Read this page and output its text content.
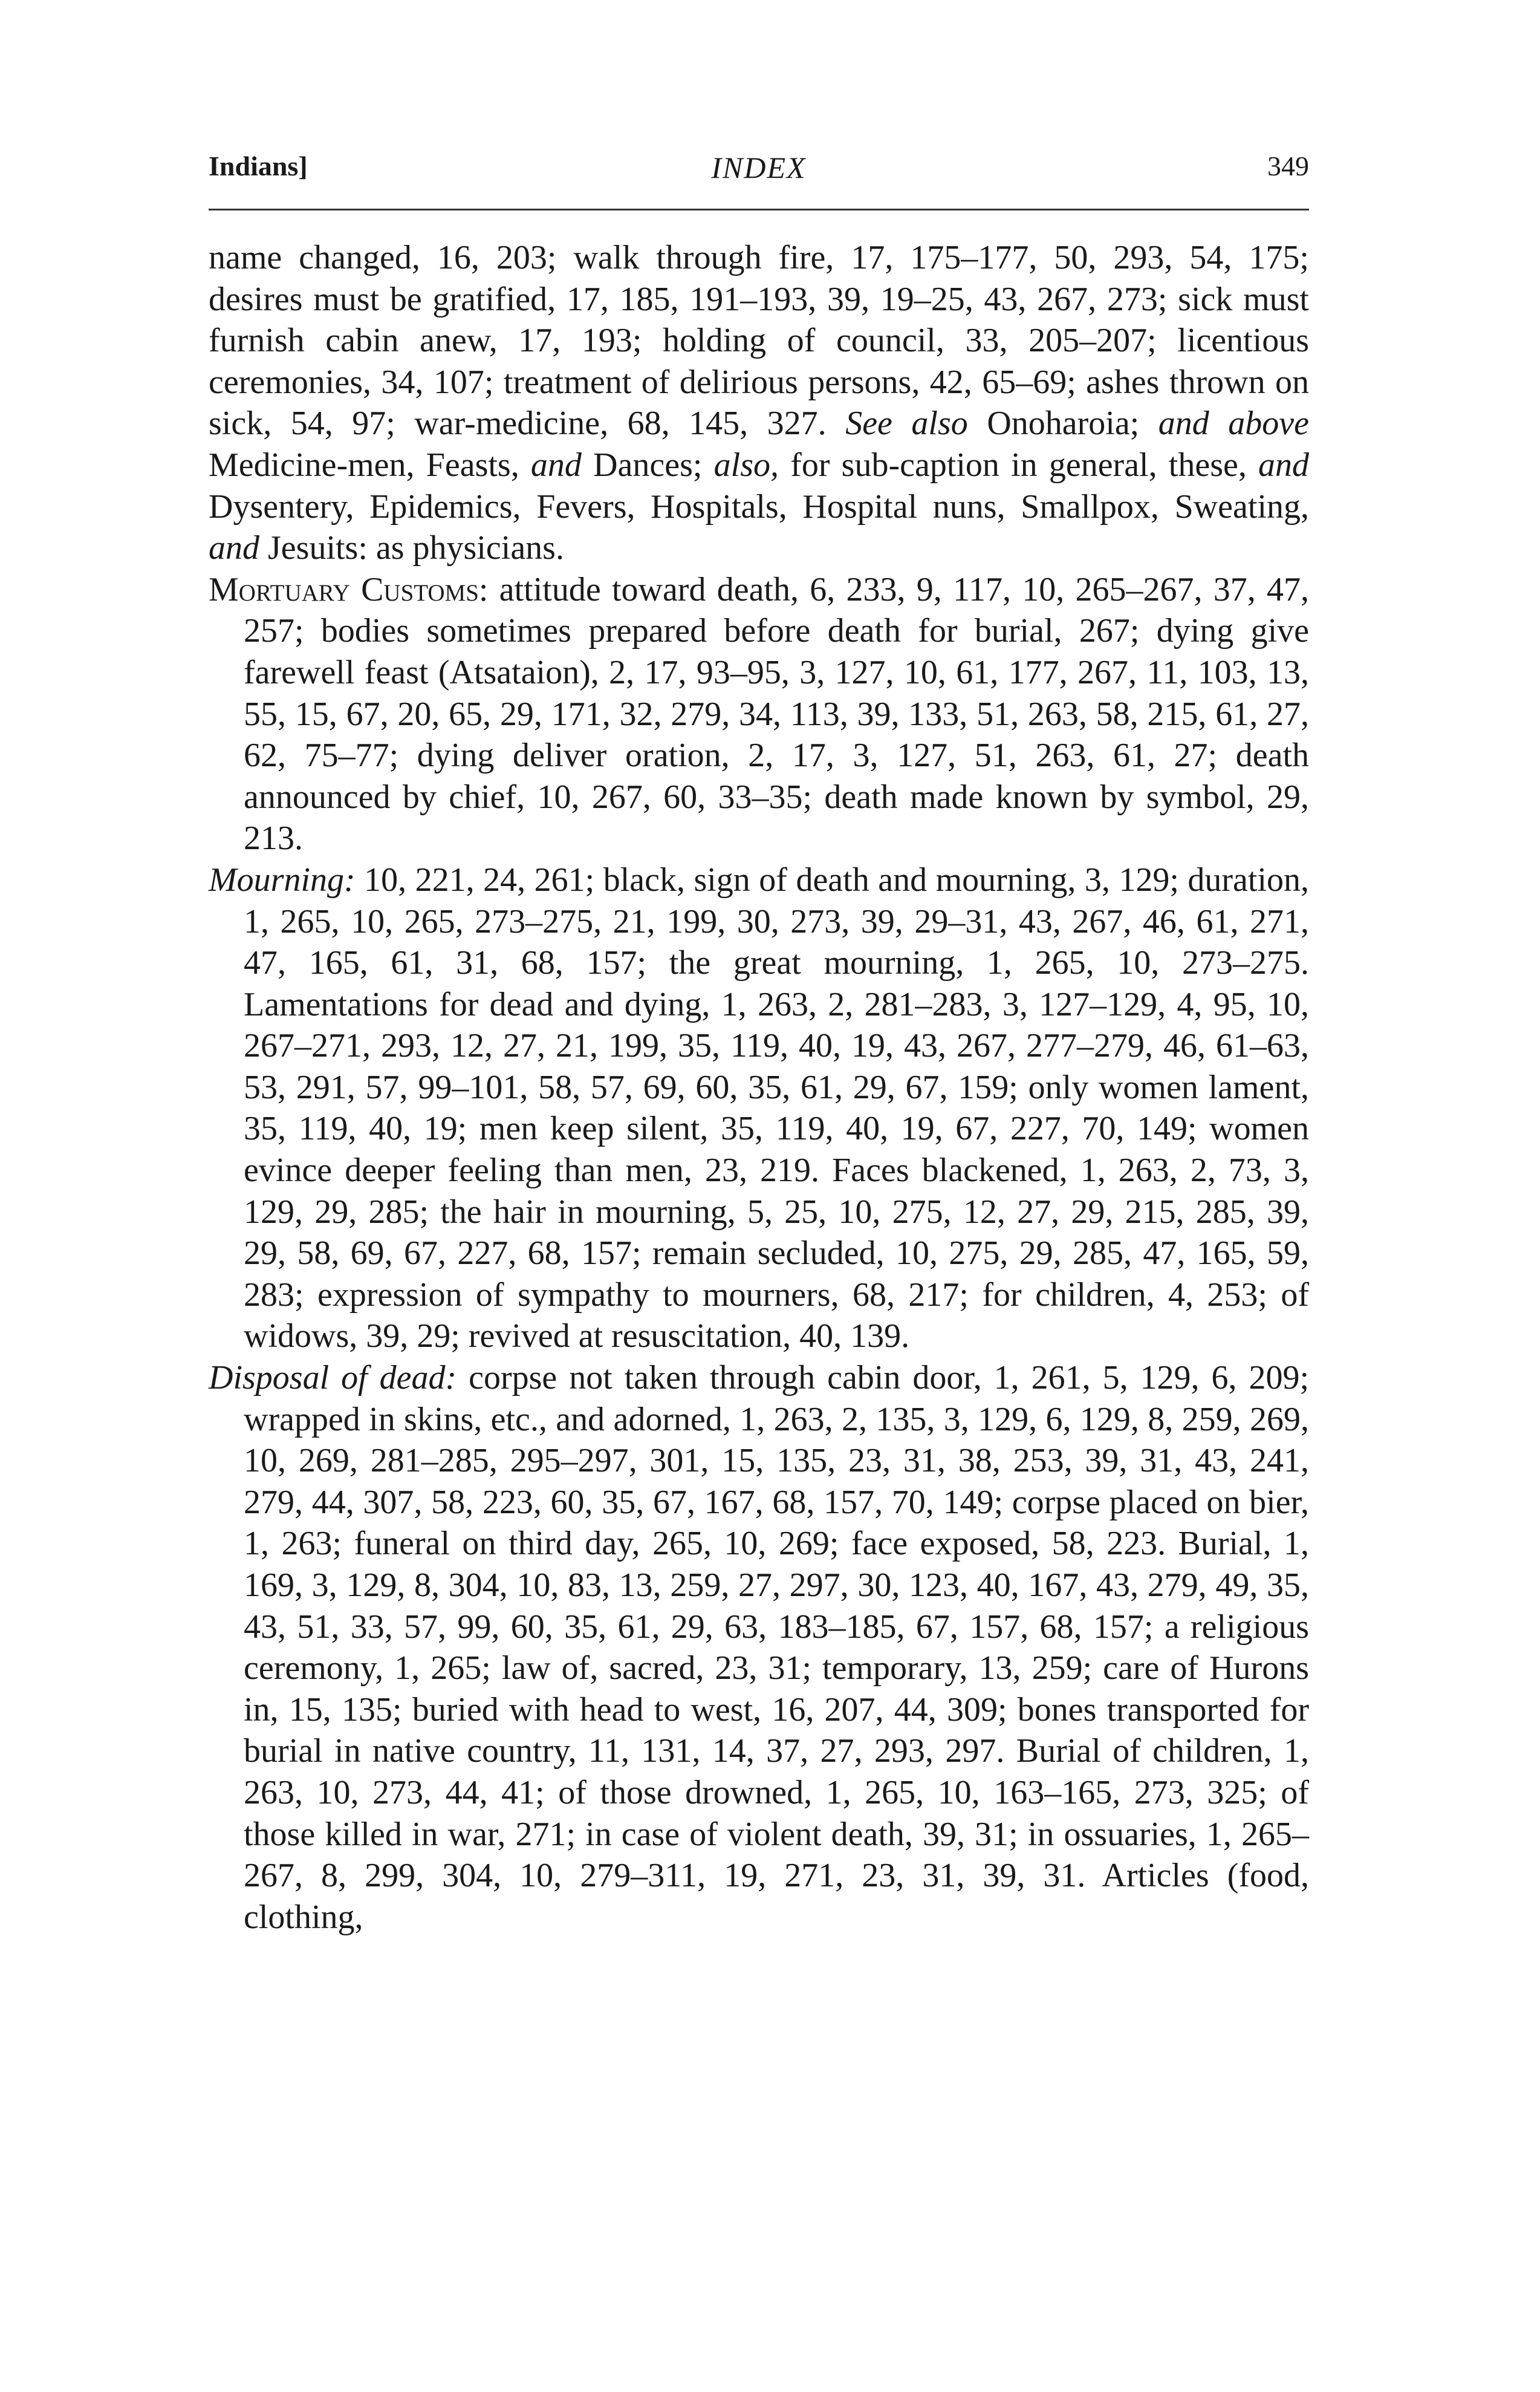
Indians]	INDEX	349

name changed, 16, 203; walk through fire, 17, 175–177, 50, 293, 54, 175; desires must be gratified, 17, 185, 191–193, 39, 19–25, 43, 267, 273; sick must furnish cabin anew, 17, 193; holding of council, 33, 205–207; licentious ceremonies, 34, 107; treatment of delirious persons, 42, 65–69; ashes thrown on sick, 54, 97; war-medicine, 68, 145, 327. See also Onoharoia; and above Medicine-men, Feasts, and Dances; also, for sub-caption in general, these, and Dysentery, Epidemics, Fevers, Hospitals, Hospital nuns, Smallpox, Sweating, and Jesuits: as physicians.

Mortuary Customs: attitude toward death, 6, 233, 9, 117, 10, 265–267, 37, 47, 257; bodies sometimes prepared before death for burial, 267; dying give farewell feast (Atsataion), 2, 17, 93–95, 3, 127, 10, 61, 177, 267, 11, 103, 13, 55, 15, 67, 20, 65, 29, 171, 32, 279, 34, 113, 39, 133, 51, 263, 58, 215, 61, 27, 62, 75–77; dying deliver oration, 2, 17, 3, 127, 51, 263, 61, 27; death announced by chief, 10, 267, 60, 33–35; death made known by symbol, 29, 213.

Mourning: 10, 221, 24, 261; black, sign of death and mourning, 3, 129; duration, 1, 265, 10, 265, 273–275, 21, 199, 30, 273, 39, 29–31, 43, 267, 46, 61, 271, 47, 165, 61, 31, 68, 157; the great mourning, 1, 265, 10, 273–275. Lamentations for dead and dying, 1, 263, 2, 281–283, 3, 127–129, 4, 95, 10, 267–271, 293, 12, 27, 21, 199, 35, 119, 40, 19, 43, 267, 277–279, 46, 61–63, 53, 291, 57, 99–101, 58, 57, 69, 60, 35, 61, 29, 67, 159; only women lament, 35, 119, 40, 19; men keep silent, 35, 119, 40, 19, 67, 227, 70, 149; women evince deeper feeling than men, 23, 219. Faces blackened, 1, 263, 2, 73, 3, 129, 29, 285; the hair in mourning, 5, 25, 10, 275, 12, 27, 29, 215, 285, 39, 29, 58, 69, 67, 227, 68, 157; remain secluded, 10, 275, 29, 285, 47, 165, 59, 283; expression of sympathy to mourners, 68, 217; for children, 4, 253; of widows, 39, 29; revived at resuscitation, 40, 139.

Disposal of dead: corpse not taken through cabin door, 1, 261, 5, 129, 6, 209; wrapped in skins, etc., and adorned, 1, 263, 2, 135, 3, 129, 6, 129, 8, 259, 269, 10, 269, 281–285, 295–297, 301, 15, 135, 23, 31, 38, 253, 39, 31, 43, 241, 279, 44, 307, 58, 223, 60, 35, 67, 167, 68, 157, 70, 149; corpse placed on bier, 1, 263; funeral on third day, 265, 10, 269; face exposed, 58, 223. Burial, 1, 169, 3, 129, 8, 304, 10, 83, 13, 259, 27, 297, 30, 123, 40, 167, 43, 279, 49, 35, 43, 51, 33, 57, 99, 60, 35, 61, 29, 63, 183–185, 67, 157, 68, 157; a religious ceremony, 1, 265; law of, sacred, 23, 31; temporary, 13, 259; care of Hurons in, 15, 135; buried with head to west, 16, 207, 44, 309; bones transported for burial in native country, 11, 131, 14, 37, 27, 293, 297. Burial of children, 1, 263, 10, 273, 44, 41; of those drowned, 1, 265, 10, 163–165, 273, 325; of those killed in war, 271; in case of violent death, 39, 31; in ossuaries, 1, 265–267, 8, 299, 304, 10, 279–311, 19, 271, 23, 31, 39, 31. Articles (food, clothing,
